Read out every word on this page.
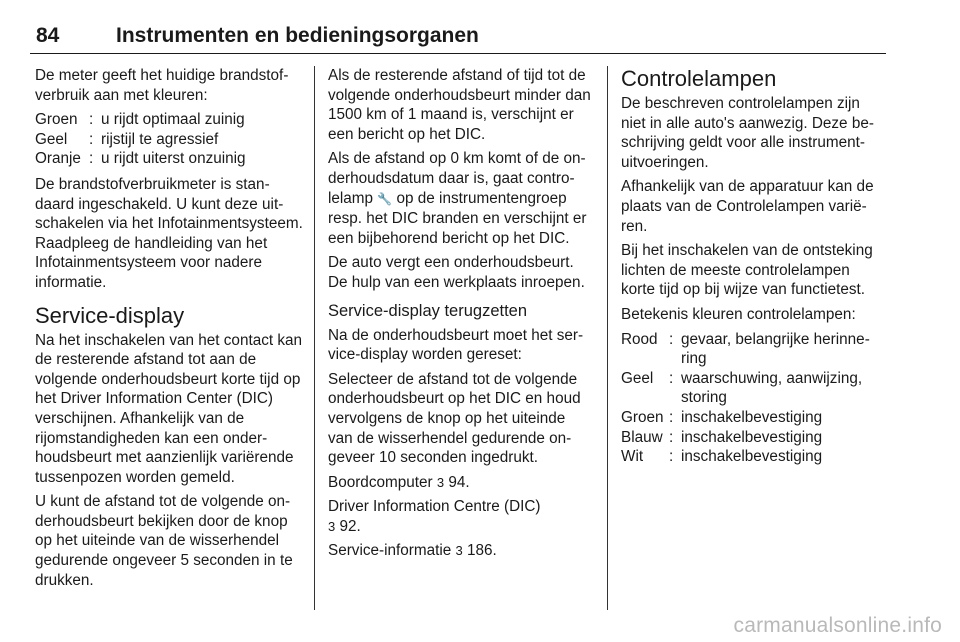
84	Instrumenten en bedieningsorganen

De meter geeft het huidige brandstofverbruik aan met kleuren:

Groen : u rijdt optimaal zuinig
Geel	: rijstijl te agressief
Oranje : u rijdt uiterst onzuinig

De brandstofverbruikmeter is standaard ingeschakeld. U kunt deze uitschakelen via het Infotainmentsysteem. Raadpleeg de handleiding van het Infotainmentsysteem voor nadere informatie.

Service-display

Na het inschakelen van het contact kan de resterende afstand tot aan de volgende onderhoudsbeurt korte tijd op het Driver Information Center (DIC) verschijnen. Afhankelijk van de rijomstandigheden kan een onderhoudsbeurt met aanzienlijk variërende tussenpozen worden gemeld.

U kunt de afstand tot de volgende onderhoudsbeurt bekijken door de knop op het uiteinde van de wisserhendel gedurende ongeveer 5 seconden in te drukken.

Als de resterende afstand of tijd tot de volgende onderhoudsbeurt minder dan 1500 km of 1 maand is, verschijnt er een bericht op het DIC.

Als de afstand op 0 km komt of de onderhoudsdatum daar is, gaat controlelamp 🔧 op de instrumentengroep resp. het DIC branden en verschijnt er een bijbehorend bericht op het DIC.

De auto vergt een onderhoudsbeurt. De hulp van een werkplaats inroepen.

Service-display terugzetten

Na de onderhoudsbeurt moet het service-display worden gereset:

Selecteer de afstand tot de volgende onderhoudsbeurt op het DIC en houd vervolgens de knop op het uiteinde van de wisserhendel gedurende ongeveer 10 seconden ingedrukt.

Boordcomputer 3 94.

Driver Information Centre (DIC)
3 92.

Service-informatie 3 186.

Controlelampen

De beschreven controlelampen zijn niet in alle auto's aanwezig. Deze beschrijving geldt voor alle instrumentuitvoeringen.

Afhankelijk van de apparatuur kan de plaats van de Controlelampen variëren.

Bij het inschakelen van de ontsteking lichten de meeste controlelampen korte tijd op bij wijze van functietest.

Betekenis kleuren controlelampen:

Rood : gevaar, belangrijke herinnering
Geel	: waarschuwing, aanwijzing, storing
Groen : inschakelbevestiging
Blauw : inschakelbevestiging
Wit	: inschakelbevestiging
carmanualsonline.info
